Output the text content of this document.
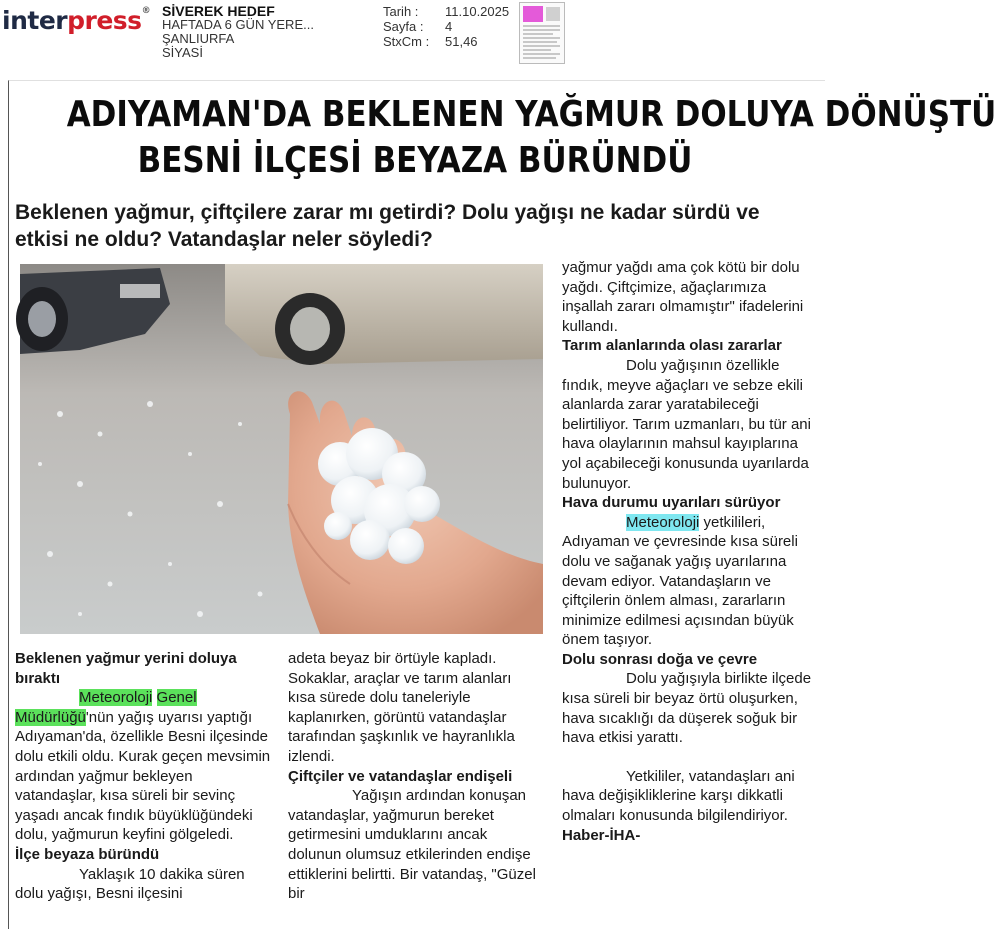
interpress® SİVEREK HEDEF
HAFTADA 6 GÜN YERE...
ŞANLIURFA
SİYASİ
Tarih :	11.10.2025
Sayfa :	4
StxCm :	51,46
ADIYAMAN'DA BEKLENEN YAĞMUR DOLUYA DÖNÜŞTÜ
BESNİ İLÇESİ BEYAZA BÜRÜNDÜ
Beklenen yağmur, çiftçilere zarar mı getirdi? Dolu yağışı ne kadar sürdü ve etkisi ne oldu? Vatandaşlar neler söyledi?
Beklenen yağmur yerini doluya bıraktı

Meteoroloji Genel Müdürlüğü'nün yağış uyarısı yaptığı Adıyaman'da, özellikle Besni ilçesinde dolu etkili oldu. Kurak geçen mevsimin ardından yağmur bekleyen vatandaşlar, kısa süreli bir sevinç yaşadı ancak fındık büyüklüğündeki dolu, yağmurun keyfini gölgeledi.

İlçe beyaza büründü

Yaklaşık 10 dakika süren dolu yağışı, Besni ilçesini

adeta beyaz bir örtüyle kapladı. Sokaklar, araçlar ve tarım alanları kısa sürede dolu taneleriyle kaplanırken, görüntü vatandaşlar tarafından şaşkınlık ve hayranlıkla izlendi.

Çiftçiler ve vatandaşlar endişeli

Yağışın ardından konuşan vatandaşlar, yağmurun bereket getirmesini umduklarını ancak dolunun olumsuz etkilerinden endişe ettiklerini belirtti. Bir vatandaş, "Güzel bir

yağmur yağdı ama çok kötü bir dolu yağdı. Çiftçimize, ağaçlarımıza inşallah zararı olmamıştır" ifadelerini kullandı.

Tarım alanlarında olası zararlar

Dolu yağışının özellikle fındık, meyve ağaçları ve sebze ekili alanlarda zarar yaratabileceği belirtiliyor. Tarım uzmanları, bu tür ani hava olaylarının mahsul kayıplarına yol açabileceği konusunda uyarılarda bulunuyor.

Hava durumu uyarıları sürüyor

Meteoroloji yetkilileri, Adıyaman ve çevresinde kısa süreli dolu ve sağanak yağış uyarılarına devam ediyor. Vatandaşların ve çiftçilerin önlem alması, zararların minimize edilmesi açısından büyük önem taşıyor.

Dolu sonrası doğa ve çevre

Dolu yağışıyla birlikte ilçede kısa süreli bir beyaz örtü oluşurken, hava sıcaklığı da düşerek soğuk bir hava etkisi yarattı.

Yetkililer, vatandaşları ani hava değişikliklerine karşı dikkatli olmaları konusunda bilgilendiriyor. Haber-İHA-
